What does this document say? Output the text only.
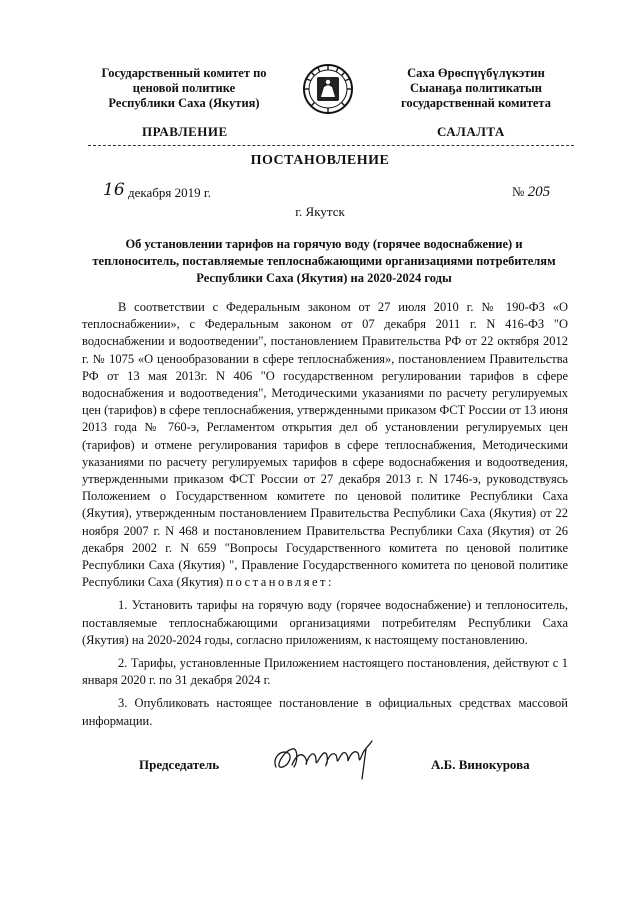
Государственный комитет по
ценовой политике
Республики Саха (Якутия)
Саха Өрөспүүбүлүкэтин
Сыанаҕа политикатын
государственнай комитета
ПРАВЛЕНИЕ	САЛАЛТА
ПОСТАНОВЛЕНИЕ
16 декабря 2019 г.	№ 205
г. Якутск
Об установлении тарифов на горячую воду (горячее водоснабжение) и теплоноситель, поставляемые теплоснабжающими организациями потребителям Республики Саха (Якутия) на 2020-2024 годы

В соответствии с Федеральным законом от 27 июля 2010 г. № 190-ФЗ «О теплоснабжении», с Федеральным законом от 07 декабря 2011 г. N 416-ФЗ "О водоснабжении и водоотведении", постановлением Правительства РФ от 22 октября 2012 г. № 1075 «О ценообразовании в сфере теплоснабжения», постановлением Правительства РФ от 13 мая 2013г. N 406 "О государственном регулировании тарифов в сфере водоснабжения и водоотведения", Методическими указаниями по расчету регулируемых цен (тарифов) в сфере теплоснабжения, утвержденными приказом ФСТ России от 13 июня 2013 года № 760-э, Регламентом открытия дел об установлении регулируемых цен (тарифов) и отмене регулирования тарифов в сфере теплоснабжения, Методическими указаниями по расчету регулируемых тарифов в сфере водоснабжения и водоотведения, утвержденными приказом ФСТ России от 27 декабря 2013 г. N 1746-э, руководствуясь Положением о Государственном комитете по ценовой политике Республики Саха (Якутия), утвержденным постановлением Правительства Республики Саха (Якутия) от 22 ноября 2007 г. N 468 и постановлением Правительства Республики Саха (Якутия) от 26 декабря 2002 г. N 659 "Вопросы Государственного комитета по ценовой политике Республики Саха (Якутия) ", Правление Государственного комитета по ценовой политике Республики Саха (Якутия) постановляет:

1. Установить тарифы на горячую воду (горячее водоснабжение) и теплоноситель, поставляемые теплоснабжающими организациями потребителям Республики Саха (Якутия) на 2020-2024 годы, согласно приложениям, к настоящему постановлению.

2. Тарифы, установленные Приложением настоящего постановления, действуют с 1 января 2020 г. по 31 декабря 2024 г.

3. Опубликовать настоящее постановление в официальных средствах массовой информации.

Председатель	А.Б. Винокурова
